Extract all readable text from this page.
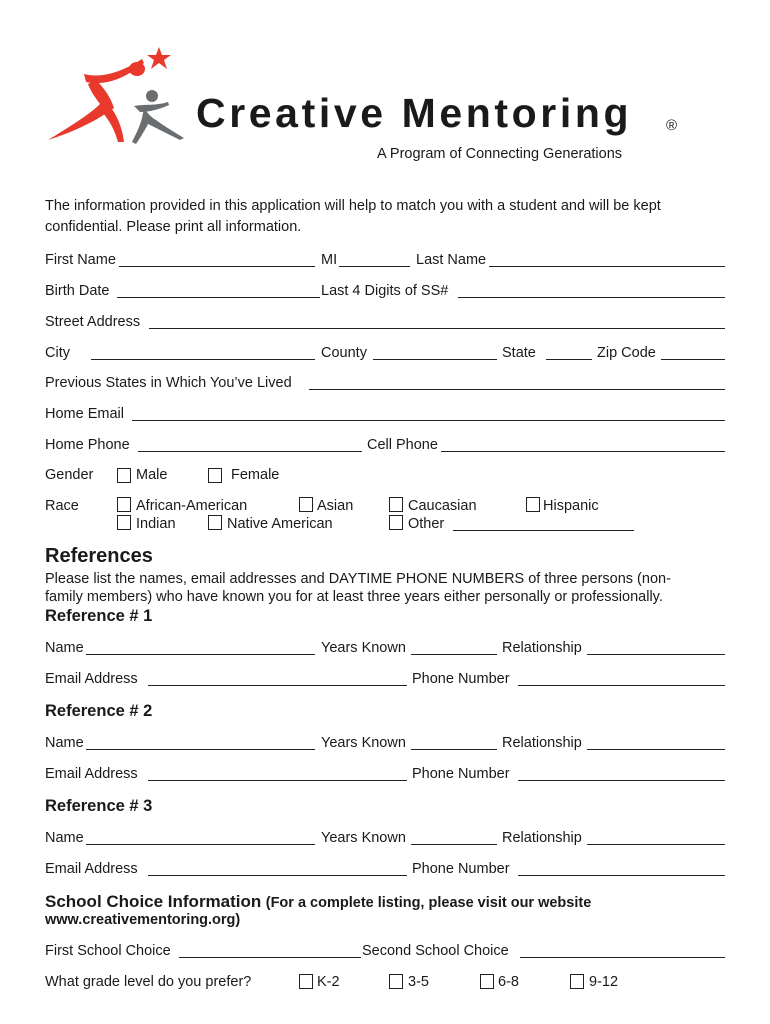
Creative Mentoring ®
A Program of Connecting Generations
The information provided in this application will help to match you with a student and will be kept confidential. Please print all information.
First Name	MI	Last Name
Birth Date	Last 4 Digits of SS#
Street Address
City	County	State	Zip Code
Previous States in Which You’ve Lived
Home Email
Home Phone	Cell Phone
Gender	Male	Female
Race	African-American	Asian	Caucasian	Hispanic
Indian	Native American	Other
References
Please list the names, email addresses and DAYTIME PHONE NUMBERS of three persons (non-
family members) who have known you for at least three years either personally or professionally.
Reference # 1
Name	Years Known	Relationship
Email Address	Phone Number
Reference # 2
Name	Years Known	Relationship
Email Address	Phone Number
Reference # 3
Name	Years Known	Relationship
Email Address	Phone Number
School Choice Information (For a complete listing, please visit our website
www.creativementoring.org)
First School Choice	Second School Choice
What grade level do you prefer?	K-2	3-5	6-8	9-12
